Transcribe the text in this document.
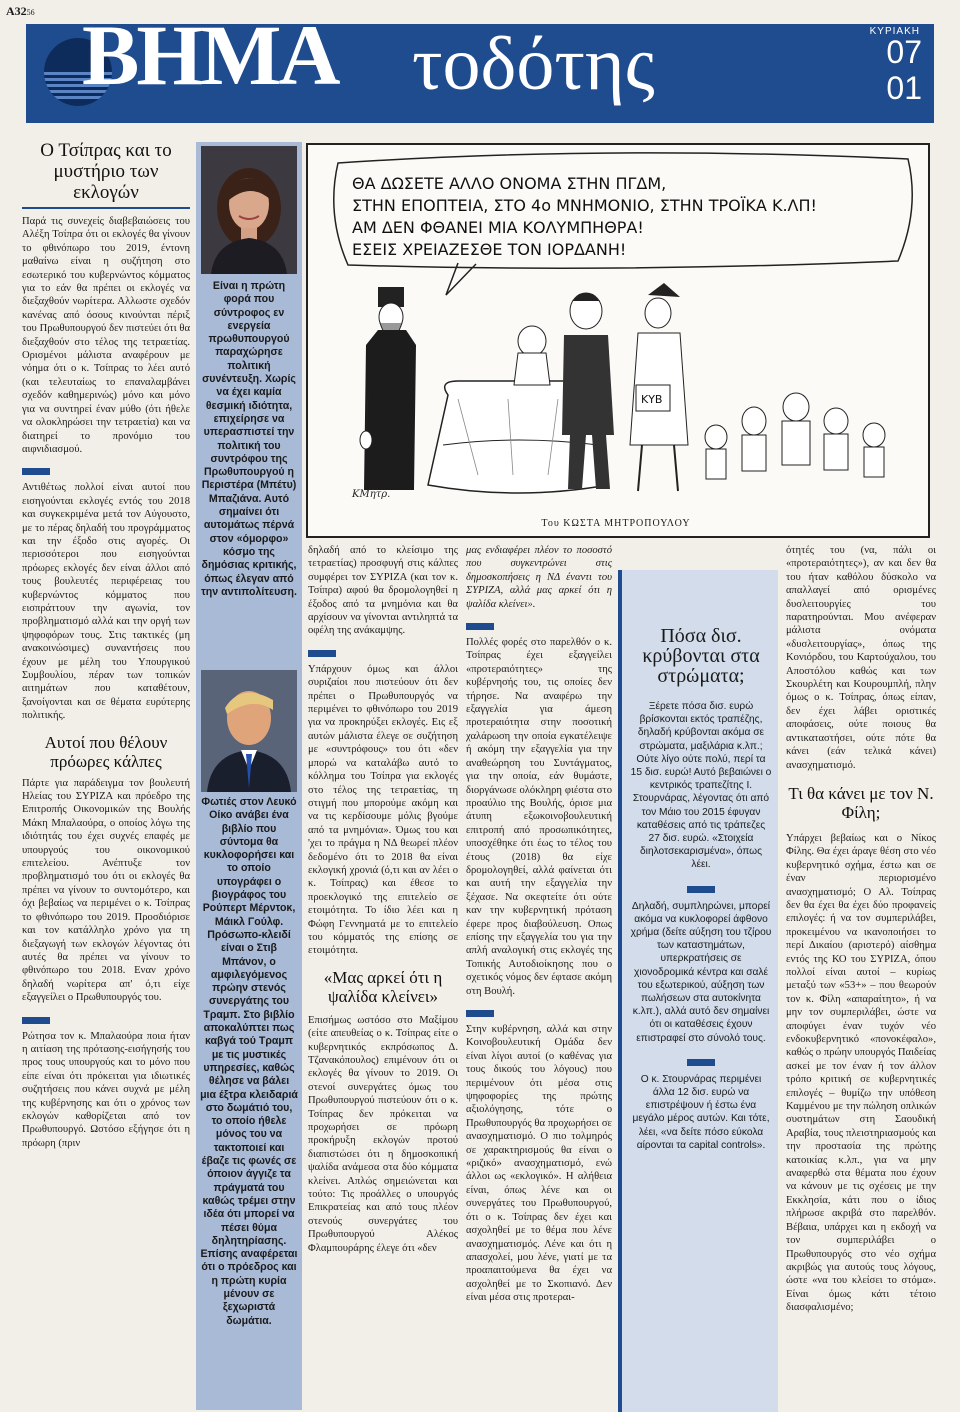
A3256 ΒΗΜΑ τοδότης	ΚΥΡΙΑΚΗ
07
01
Ο Τσίπρας και το μυστήριο των εκλογών

Παρά τις συνεχείς διαβεβαιώσεις του Αλέξη Τσίπρα ότι οι εκλογές θα γίνουν το φθινόπωρο του 2019, έντονη μαθαίνω είναι η συζήτηση στο εσωτερικό του κυβερνώντος κόμματος για το εάν θα πρέπει οι εκλογές να διεξαχθούν νωρίτερα. Αλλωστε σχεδόν κανένας από όσους κινούνται πέριξ του Πρωθυπουργού δεν πιστεύει ότι θα διεξαχθούν στο τέλος της τετραετίας. Ορισμένοι μάλιστα αναφέρουν με νόημα ότι ο κ. Τσίπρας το λέει αυτό (και τελευταίως το επαναλαμβάνει σχεδόν καθημερινώς) μόνο και μόνο για να συντηρεί έναν μύθο (ότι ήθελε να ολοκληρώσει την τετραετία) και να διατηρεί το προνόμιο του αιφνιδιασμού.

Αντιθέτως πολλοί είναι αυτοί που εισηγούνται εκλογές εντός του 2018 και συγκεκριμένα μετά τον Αύγουστο, με το πέρας δηλαδή του προγράμματος και την έξοδο στις αγορές. Οι περισσότεροι που εισηγούνται πρόωρες εκλογές δεν είναι άλλοι από τους βουλευτές περιφέρειας του κυβερνώντος κόμματος που εισπράττουν την αγωνία, τον προβληματισμό αλλά και την οργή των ψηφοφόρων τους. Στις τακτικές (μη ανακοινώσιμες) συναντήσεις που έχουν με μέλη του Υπουργικού Συμβουλίου, πέραν των τοπικών αιτημάτων που καταθέτουν, ξανοίγονται και σε θέματα ευρύτερης πολιτικής.

Αυτοί που θέλουν πρόωρες κάλπες

Πάρτε για παράδειγμα τον βουλευτή Ηλείας του ΣΥΡΙΖΑ και πρόεδρο της Επιτροπής Οικονομικών της Βουλής Μάκη Μπαλαούρα, ο οποίος λόγω της ιδιότητάς του έχει συχνές επαφές με υπουργούς του οικονομικού επιτελείου. Ανέπτυξε τον προβληματισμό του ότι οι εκλογές θα πρέπει να γίνουν το συντομότερο, και όχι βεβαίως να περιμένει ο κ. Τσίπρας το φθινόπωρο του 2019. Προσδιόρισε και τον κατάλληλο χρόνο για τη διεξαγωγή των εκλογών λέγοντας ότι αυτές θα πρέπει να γίνουν το φθινόπωρο του 2018. Εναν χρόνο δηλαδή νωρίτερα απ' ό,τι είχε εξαγγείλει ο Πρωθυπουργός του.

Ρώτησα τον κ. Μπαλαούρα ποια ήταν η αιτίαση της πρότασης-εισήγησής του προς τους υπουργούς και το μόνο που είπε είναι ότι πρόκειται για ιδιωτικές συζητήσεις που κάνει συχνά με μέλη της κυβέρνησης και ότι ο χρόνος των εκλογών καθορίζεται από τον Πρωθυπουργό. Ωστόσο εξήγησε ότι η πρόωρη (πριν

Είναι η πρώτη φορά που σύντροφος εν ενεργεία πρωθυπουργού παραχώρησε πολιτική συνέντευξη. Χωρίς να έχει καμία θεσμική ιδιότητα, επιχείρησε να υπερασπιστεί την πολιτική του συντρόφου της Πρωθυπουργού η Περιστέρα (Μπέτυ) Μπαζιάνα. Αυτό σημαίνει ότι αυτομάτως πέρνά στον «όμορφο» κόσμο της δημόσιας κριτικής, όπως έλεγαν από την αντιπολίτευση.

Φωτιές στον Λευκό Οίκο ανάβει ένα βιβλίο που σύντομα θα κυκλοφορήσει και το οποίο υπογράφει ο βιογράφος του Ρούπερτ Μέρντοκ, Μάικλ Γούλφ. Πρόσωπο-κλειδί είναι ο Στιβ Μπάνον, ο αμφιλεγόμενος πρώην στενός συνεργάτης του Τραμπ. Στο βιβλίο αποκαλύπτει πως καβγά τού Τραμπ με τις μυστικές υπηρεσίες, καθώς θέλησε να βάλει μια έξτρα κλειδαριά στο δωμάτιό του, το οποίο ήθελε μόνος του να τακτοποιεί και έβαζε τις φωνές σε όποιον άγγιζε τα πράγματά του καθώς τρέμει στην ιδέα ότι μπορεί να πέσει θύμα δηλητηρίασης. Επίσης αναφέρεται ότι ο πρόεδρος και η πρώτη κυρία μένουν σε ξεχωριστά δωμάτια.

ΘΑ ΔΩΣΕΤΕ ΑΛΛΟ ΟΝΟΜΑ ΣΤΗΝ ΠΓΔΜ,
ΣΤΗΝ ΕΠΟΠΤΕΙΑ, ΣΤΟ 4ο ΜΝΗΜΟΝΙΟ, ΣΤΗΝ ΤΡΟΪΚΑ Κ.ΛΠ!
ΑΜ ΔΕΝ ΦΘΑΝΕΙ ΜΙΑ ΚΟΛΥΜΠΗΘΡΑ!
ΕΣΕΙΣ ΧΡΕΙΑΖΕΣΘΕ ΤΟΝ ΙΟΡΔΑΝΗ!
ΚΥΒ
ΚΜητρ.
Του ΚΩΣΤΑ ΜΗΤΡΟΠΟΥΛΟΥ

δηλαδή από το κλείσιμο της τετραετίας) προσφυγή στις κάλπες συμφέρει τον ΣΥΡΙΖΑ (και τον κ. Τσίπρα) αφού θα δρομολογηθεί η έξοδος από τα μνημόνια και θα αρχίσουν να γίνονται αντιληπτά τα οφέλη της ανάκαμψης.

Υπάρχουν όμως και άλλοι συριζαίοι που πιστεύουν ότι δεν πρέπει ο Πρωθυπουργός να περιμένει το φθινόπωρο του 2019 για να προκηρύξει εκλογές. Εις εξ αυτών μάλιστα έλεγε σε συζήτηση με «συντρόφους» του ότι «δεν μπορώ να καταλάβω αυτό το κόλλημα του Τσίπρα για εκλογές στο τέλος της τετραετίας, τη στιγμή που μπορούμε ακόμη και να τις κερδίσουμε μόλις βγούμε από τα μνημόνια». Όμως του και 'χει το πράγμα η ΝΔ θεωρεί πλέον δεδομένο ότι το 2018 θα είναι εκλογική χρονιά (ό,τι και αν λέει ο κ. Τσίπρας) και έθεσε το προεκλογικό της επιτελείο σε ετοιμότητα. Το ίδιο λέει και η Φώφη Γεννηματά με το επιτελείο του κόμματός της επίσης σε ετοιμότητα.

«Μας αρκεί ότι η ψαλίδα κλείνει»

Επισήμως ωστόσο στο Μαξίμου (είτε απευθείας ο κ. Τσίπρας είτε ο κυβερνητικός εκπρόσωπος Δ. Τζανακόπουλος) επιμένουν ότι οι εκλογές θα γίνουν το 2019. Οι στενοί συνεργάτες όμως του Πρωθυπουργού πιστεύουν ότι ο κ. Τσίπρας δεν πρόκειται να προχωρήσει σε πρόωρη προκήρυξη εκλογών προτού διαπιστώσει ότι η δημοσκοπική ψαλίδα ανάμεσα στα δύο κόμματα κλείνει. Απλώς σημειώνεται και τούτο: Τις προάλλες ο υπουργός Επικρατείας και από τους πλέον στενούς συνεργάτες του Πρωθυπουργού Αλέκος Φλαμπουράρης έλεγε ότι «δεν

μας ενδιαφέρει πλέον το ποσοστό που συγκεντρώνει στις δημοσκοπήσεις η ΝΔ έναντι του ΣΥΡΙΖΑ, αλλά μας αρκεί ότι η ψαλίδα κλείνει».

Πολλές φορές στο παρελθόν ο κ. Τσίπρας έχει εξαγγείλει «προτεραιότητες» της κυβέρνησής του, τις οποίες δεν τήρησε. Να αναφέρω την εξαγγελία για άμεση προτεραιότητα στην ποσοτική χαλάρωση την οποία εγκατέλειψε ή ακόμη την εξαγγελία για την αναθεώρηση του Συντάγματος, για την οποία, εάν θυμάστε, διοργάνωσε ολόκληρη φιέστα στο προαύλιο της Βουλής, όρισε μια άτυπη εξωκοινοβουλευτική επιτροπή από προσωπικότητες, υποσχέθηκε ότι έως το τέλος του έτους (2018) θα είχε δρομολογηθεί, αλλά φαίνεται ότι και αυτή την εξαγγελία την ξέχασε. Να σκεφτείτε ότι ούτε καν την κυβερνητική πρόταση έφερε προς διαβούλευση. Οπως επίσης την εξαγγελία του για την απλή αναλογική στις εκλογές της Τοπικής Αυτοδιοίκησης που ο σχετικός νόμος δεν έφτασε ακόμη στη Βουλή.

Στην κυβέρνηση, αλλά και στην Κοινοβουλευτική Ομάδα δεν είναι λίγοι αυτοί (ο καθένας για τους δικούς του λόγους) που περιμένουν ότι μέσα στις ψηφοφορίες της πρώτης αξιολόγησης, τότε ο Πρωθυπουργός θα προχωρήσει σε ανασχηματισμό. Ο πιο τολμηρός σε χαρακτηρισμούς θα είναι ο «ριζικό» ανασχηματισμό, ενώ άλλοι ως «εκλογικό». Η αλήθεια είναι, όπως λένε και οι συνεργάτες του Πρωθυπουργού, ότι ο κ. Τσίπρας δεν έχει και ασχοληθεί με το θέμα που λένε ανασχηματισμός. Λένε και ότι η απασχολεί, μου λένε, γιατί με τα προαπαιτούμενα θα έχει να ασχοληθεί με το Σκοπιανό. Δεν είναι μέσα στις προτεραι-

Πόσα δισ. κρύβονται στα στρώματα;

Ξέρετε πόσα δισ. ευρώ βρίσκονται εκτός τραπέζης, δηλαδή κρύβονται ακόμα σε στρώματα, μαξιλάρια κ.λπ.; Ούτε λίγο ούτε πολύ, περί τα 15 δισ. ευρώ! Αυτό βεβαιώνει ο κεντρικός τραπεζίτης Ι. Στουρνάρας, λέγοντας ότι από τον Μάιο του 2015 έφυγαν καταθέσεις από τις τράπεζες 27 δισ. ευρώ. «Στοιχεία διηλοτσεκαρισμένα», όπως λέει.

Δηλαδή, συμπληρώνει, μπορεί ακόμα να κυκλοφορεί άφθονο χρήμα (δείτε αύξηση του τζίρου των καταστημάτων, υπερκρατήσεις σε χιονοδρομικά κέντρα και σαλέ του εξωτερικού, αύξηση των πωλήσεων στα αυτοκίνητα κ.λπ.), αλλά αυτό δεν σημαίνει ότι οι καταθέσεις έχουν επιστραφεί στο σύνολό τους.

Ο κ. Στουρνάρας περιμένει άλλα 12 δισ. ευρώ να επιστρέψουν ή έστω ένα μεγάλο μέρος αυτών. Και τότε, λέει, «να δείτε πόσο εύκολα αίρονται τα capital controls».

ότητές του (να, πάλι οι «προτεραιότητες»), αν και δεν θα του ήταν καθόλου δύσκολο να απαλλαγεί από ορισμένες δυσλειτουργίες του παρατηρούνται. Μου ανέφεραν μάλιστα ονόματα «δυσλειτουργίας», όπως της Κονιόρδου, του Καρτούχαλου, του Αποστόλου καθώς και των Σκουρλέτη και Κουρουμπλή, πλην όμως ο κ. Τσίπρας, όπως είπαν, δεν έχει λάβει οριστικές αποφάσεις, ούτε ποιους θα αντικαταστήσει, ούτε πότε θα κάνει (εάν τελικά κάνει) ανασχηματισμό.

Τι θα κάνει με τον Ν. Φίλη;

Υπάρχει βεβαίως και ο Νίκος Φίλης. Θα έχει άραγε θέση στο νέο κυβερνητικό σχήμα, έστω και σε έναν περιορισμένο ανασχηματισμό; Ο Αλ. Τσίπρας δεν θα έχει θα έχει δύο προφανείς επιλογές: ή να τον συμπεριλάβει, προκειμένου να ικανοποιήσει το περί Δικαίου (αριστερό) αίσθημα εντός της ΚΟ του ΣΥΡΙΖΑ, όπου πολλοί είναι αυτοί – κυρίως μεταξύ των «53+» – που θεωρούν τον κ. Φίλη «απαραίτητο», ή να μην τον συμπεριλάβει, ώστε να αποφύγει έναν τυχόν νέο ενδοκυβερνητικό «πονοκέφαλο», καθώς ο πρώην υπουργός Παιδείας ασκεί με τον έναν ή τον άλλον τρόπο κριτική σε κυβερνητικές επιλογές – θυμίζω την υπόθεση Καμμένου με την πώληση οπλικών συστημάτων στη Σαουδική Αραβία, τους πλειστηριασμούς και την προστασία της πρώτης κατοικίας κ.λπ., για να μην αναφερθώ στα θέματα που έχουν να κάνουν με τις σχέσεις με την Εκκλησία, κάτι που ο ίδιος πλήρωσε ακριβά στο παρελθόν. Βέβαια, υπάρχει και η εκδοχή να τον συμπεριλάβει ο Πρωθυπουργός στο νέο σχήμα ακριβώς για αυτούς τους λόγους, ώστε «να του κλείσει το στόμα». Είναι όμως κάτι τέτοιο διασφαλισμένο;
